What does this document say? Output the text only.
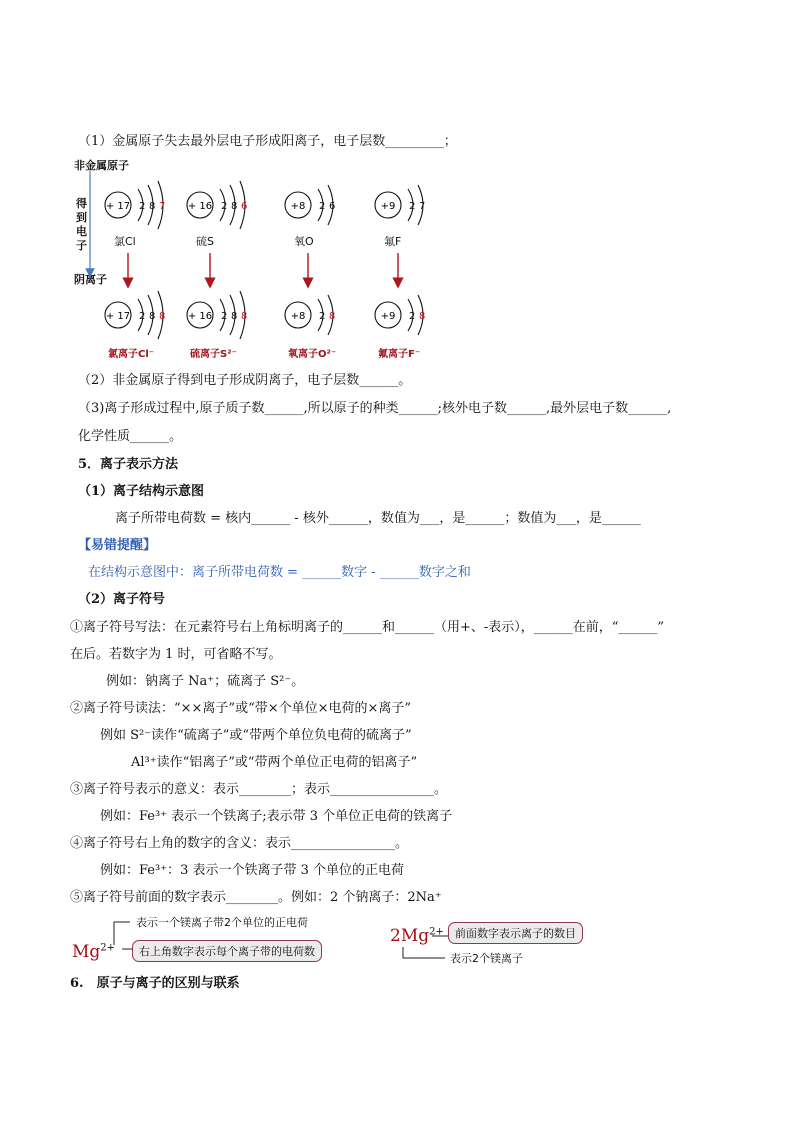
（1）金属原子失去最外层电子形成阳离子，电子层数_________；
非金属原子
得
到
电
子
阴离子
+ 17 2 8 7 + 16 2 8 6	+8 2 6	+9 2 7
+ 17 2 8 8 + 16 2 8 8	+8 2 8	+9 2 8
氯Cl	硫S	氧O	氟F
氯离子Cl⁻	硫离子S²⁻	氧离子O²⁻	氟离子F⁻
（2）非金属原子得到电子形成阴离子，电子层数______。
（3)离子形成过程中,原子质子数______,所以原子的种类______;核外电子数______,最外层电子数______,
化学性质______。
5．离子表示方法
（1）离子结构示意图
离子所带电荷数 = 核内______ - 核外______，数值为___，是______；数值为___，是______
【易错提醒】
在结构示意图中：离子所带电荷数 = ______数字 - ______数字之和
（2）离子符号
①离子符号写法：在元素符号右上角标明离子的______和______（用+、-表示），______在前，“______”
在后。若数字为 1 时，可省略不写。
例如：钠离子 Na⁺；硫离子 S²⁻。
②离子符号读法：“××离子”或“带×个单位×电荷的×离子”
例如 S²⁻读作“硫离子”或“带两个单位负电荷的硫离子”
Al³⁺读作“铝离子”或“带两个单位正电荷的铝离子”
③离子符号表示的意义：表示________；表示________________。
例如：Fe³⁺ 表示一个铁离子;表示带 3 个单位正电荷的铁离子
④离子符号右上角的数字的含义：表示________________。
例如：Fe³⁺：3 表示一个铁离子带 3 个单位的正电荷
⑤离子符号前面的数字表示________。例如：2 个钠离子：2Na⁺
表示一个镁离子带2个单位的正电荷
$Mg^{2+}$	右上角数字表示每个离子带的电荷数
$2Mg^{2+}$	前面数字表示离子的数目
表示2个镁离子
6.　原子与离子的区别与联系
